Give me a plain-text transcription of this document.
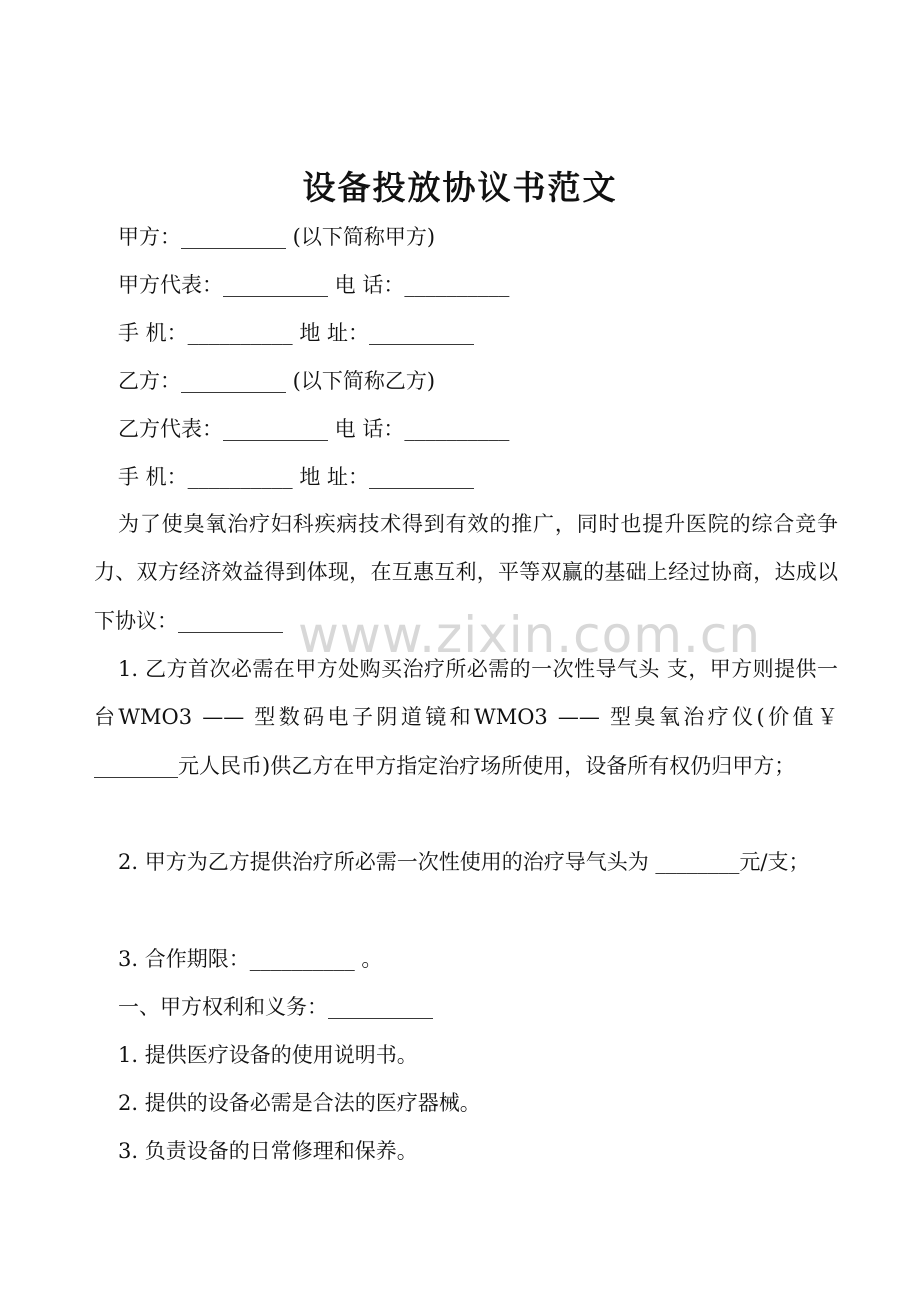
设备投放协议书范文
甲方：__________ (以下简称甲方)
甲方代表：__________ 电 话：__________
手 机：__________ 地 址：__________
乙方：__________ (以下简称乙方)
乙方代表：__________ 电 话：__________
手 机：__________ 地 址：__________
为了使臭氧治疗妇科疾病技术得到有效的推广，同时也提升医院的综合竞争力、双方经济效益得到体现，在互惠互利，平等双赢的基础上经过协商，达成以下协议：__________ www.zixin.com.cn
1. 乙方首次必需在甲方处购买治疗所必需的一次性导气头 支，甲方则提供一台WMO3 —— 型数码电子阴道镜和WMO3 —— 型臭氧治疗仪(价值￥ ________元人民币)供乙方在甲方指定治疗场所使用，设备所有权仍归甲方；
2. 甲方为乙方提供治疗所必需一次性使用的治疗导气头为 ________元/支；
3. 合作期限：__________ 。
一、甲方权利和义务：__________
1. 提供医疗设备的使用说明书。
2. 提供的设备必需是合法的医疗器械。
3. 负责设备的日常修理和保养。
